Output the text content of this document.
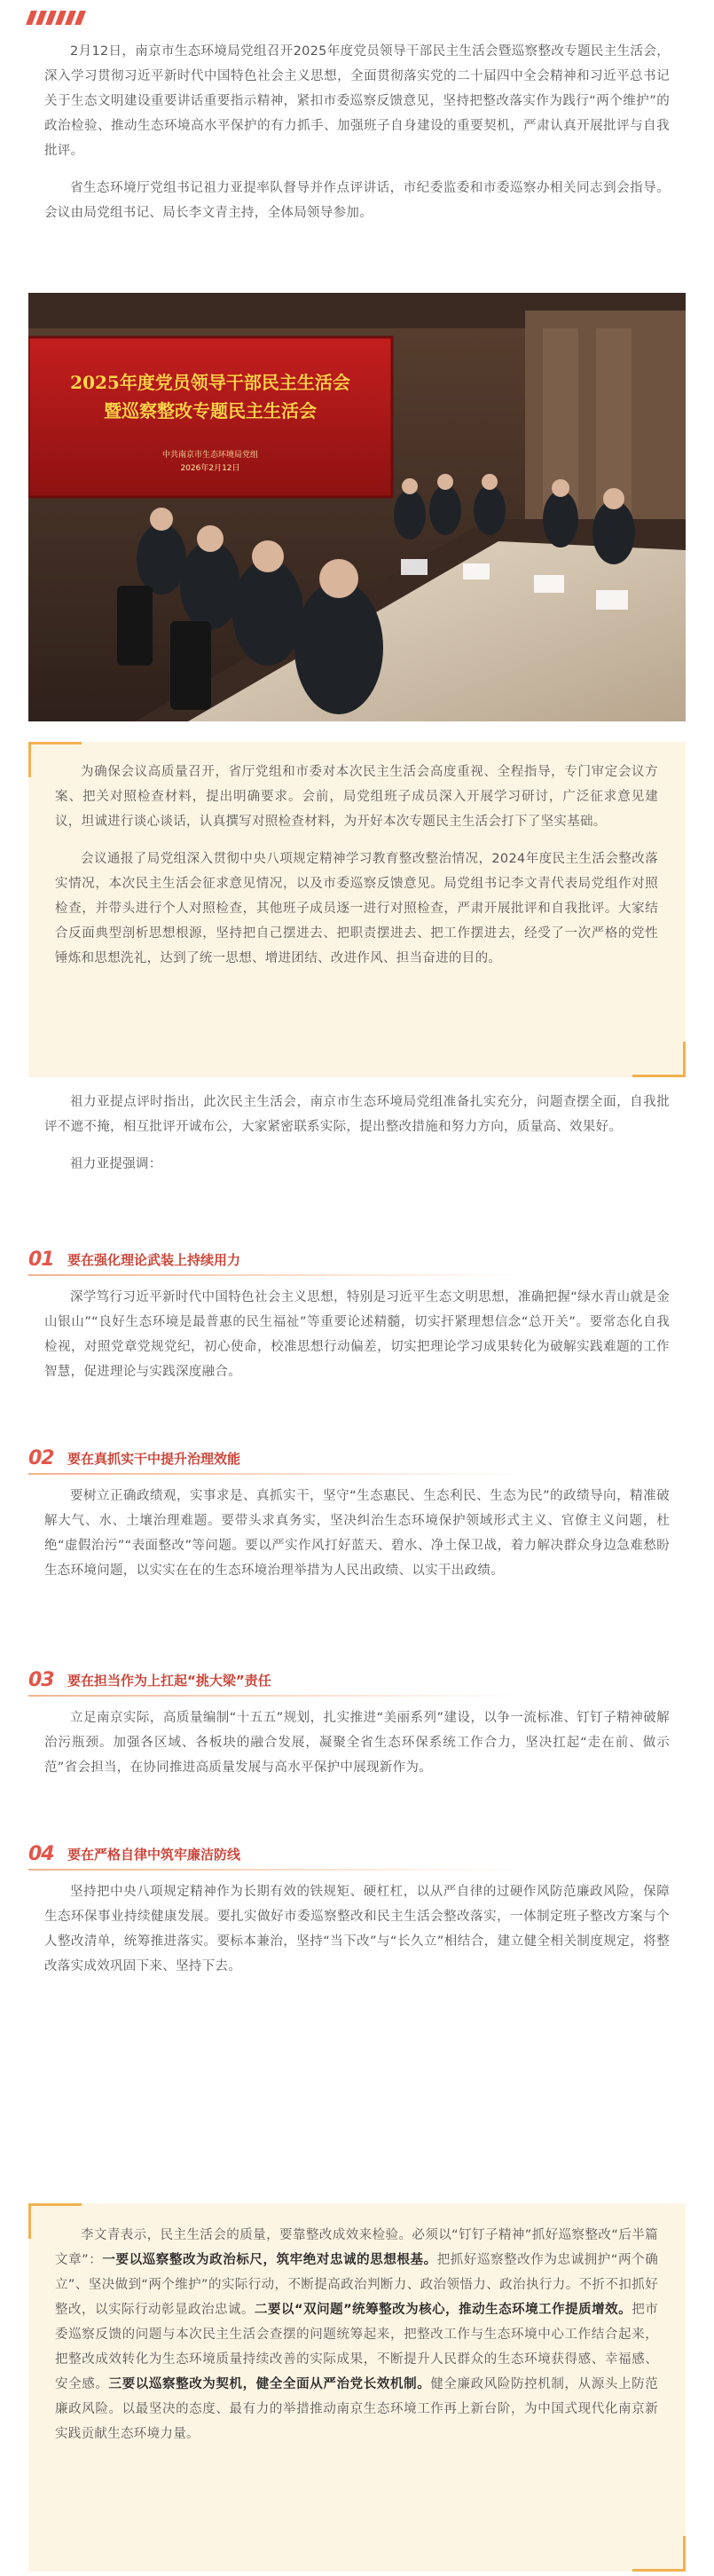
2月12日，南京市生态环境局党组召开2025年度党员领导干部民主生活会暨巡察整改专题民主生活会，深入学习贯彻习近平新时代中国特色社会主义思想，全面贯彻落实党的二十届四中全会精神和习近平总书记关于生态文明建设重要讲话重要指示精神，紧扣市委巡察反馈意见，坚持把整改落实作为践行“两个维护”的政治检验、推动生态环境高水平保护的有力抓手、加强班子自身建设的重要契机，严肃认真开展批评与自我批评。

省生态环境厅党组书记祖力亚提率队督导并作点评讲话，市纪委监委和市委巡察办相关同志到会指导。会议由局党组书记、局长李文青主持，全体局领导参加。

2025年度党员领导干部民主生活会
暨巡察整改专题民主生活会
中共南京市生态环境局党组
2026年2月12日

为确保会议高质量召开，省厅党组和市委对本次民主生活会高度重视、全程指导，专门审定会议方案、把关对照检查材料，提出明确要求。会前，局党组班子成员深入开展学习研讨，广泛征求意见建议，坦诚进行谈心谈话，认真撰写对照检查材料，为开好本次专题民主生活会打下了坚实基础。

会议通报了局党组深入贯彻中央八项规定精神学习教育整改整治情况，2024年度民主生活会整改落实情况，本次民主生活会征求意见情况，以及市委巡察反馈意见。局党组书记李文青代表局党组作对照检查，并带头进行个人对照检查，其他班子成员逐一进行对照检查，严肃开展批评和自我批评。大家结合反面典型剖析思想根源，坚持把自己摆进去、把职责摆进去、把工作摆进去，经受了一次严格的党性锤炼和思想洗礼，达到了统一思想、增进团结、改进作风、担当奋进的目的。

祖力亚提点评时指出，此次民主生活会，南京市生态环境局党组准备扎实充分，问题查摆全面，自我批评不遮不掩，相互批评开诚布公，大家紧密联系实际，提出整改措施和努力方向，质量高、效果好。

祖力亚提强调：

01	要在强化理论武装上持续用力

深学笃行习近平新时代中国特色社会主义思想，特别是习近平生态文明思想，准确把握“绿水青山就是金山银山”“良好生态环境是最普惠的民生福祉”等重要论述精髓，切实扞紧理想信念“总开关”。要常态化自我检视，对照党章党规党纪，初心使命，校准思想行动偏差，切实把理论学习成果转化为破解实践难题的工作智慧，促进理论与实践深度融合。

02	要在真抓实干中提升治理效能

要树立正确政绩观，实事求是、真抓实干，坚守“生态惠民、生态利民、生态为民”的政绩导向，精准破解大气、水、土壤治理难题。要带头求真务实，坚决纠治生态环境保护领域形式主义、官僚主义问题，杜绝“虚假治污”“表面整改”等问题。要以严实作风打好蓝天、碧水、净土保卫战，着力解决群众身边急难愁盼生态环境问题，以实实在在的生态环境治理举措为人民出政绩、以实干出政绩。

03	要在担当作为上扛起“挑大梁”责任

立足南京实际，高质量编制“十五五”规划，扎实推进“美丽系列”建设，以争一流标准、钉钉子精神破解治污瓶颈。加强各区域、各板块的融合发展，凝聚全省生态环保系统工作合力，坚决扛起“走在前、做示范”省会担当，在协同推进高质量发展与高水平保护中展现新作为。

04	要在严格自律中筑牢廉洁防线

坚持把中央八项规定精神作为长期有效的铁规矩、硬杠杠，以从严自律的过硬作风防范廉政风险，保障生态环保事业持续健康发展。要扎实做好市委巡察整改和民主生活会整改落实，一体制定班子整改方案与个人整改清单，统筹推进落实。要标本兼治，坚持“当下改”与“长久立”相结合，建立健全相关制度规定，将整改落实成效巩固下来、坚持下去。

李文青表示，民主生活会的质量，要靠整改成效来检验。必须以“钉钉子精神”抓好巡察整改“后半篇文章”：一要以巡察整改为政治标尺，筑牢绝对忠诚的思想根基。把抓好巡察整改作为忠诚拥护“两个确立”、坚决做到“两个维护”的实际行动，不断提高政治判断力、政治领悟力、政治执行力。不折不扣抓好整改，以实际行动彰显政治忠诚。二要以“双问题”统筹整改为核心，推动生态环境工作提质增效。把市委巡察反馈的问题与本次民主生活会查摆的问题统筹起来，把整改工作与生态环境中心工作结合起来，把整改成效转化为生态环境质量持续改善的实际成果，不断提升人民群众的生态环境获得感、幸福感、安全感。三要以巡察整改为契机，健全全面从严治党长效机制。健全廉政风险防控机制，从源头上防范廉政风险。以最坚决的态度、最有力的举措推动南京生态环境工作再上新台阶，为中国式现代化南京新实践贡献生态环境力量。
